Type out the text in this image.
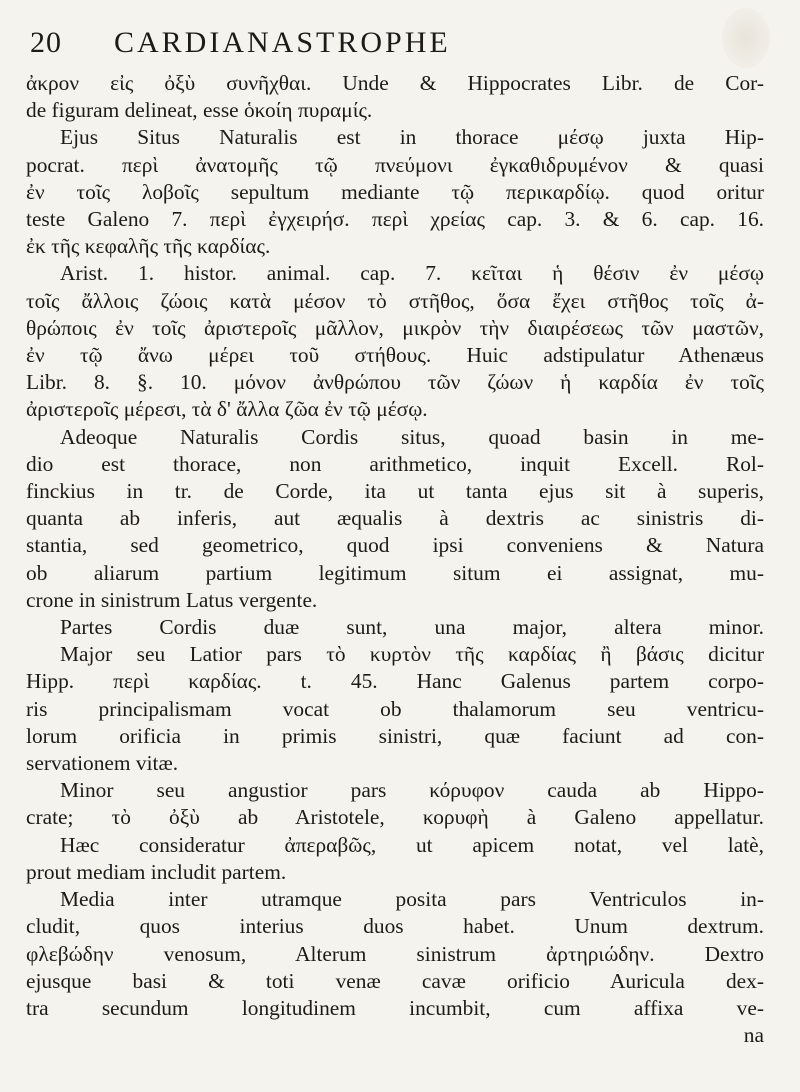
20 CARDIANASTROPHE
ἀκρον εἰς ὀξὺ συνῆχθαι. Unde & Hippocrates Libr. de Cor-
de figuram delineat, esse ὁκοίη πυραμίς.
Ejus Situs Naturalis est in thorace μέσῳ juxta Hip-
pocrat. περὶ ἀνατομῆς τῷ πνεύμονι ἐγκαθιδρυμένον & quasi
ἐν τοῖς λοβοῖς sepultum mediante τῷ περικαρδίῳ. quod oritur
teste Galeno 7. περὶ ἐγχειρήσ. περὶ χρείας cap. 3. & 6. cap. 16.
ἐκ τῆς κεφαλῆς τῆς καρδίας.
Arist. 1. histor. animal. cap. 7. κεῖται ἡ θέσιν ἐν μέσῳ
τοῖς ἄλλοις ζώοις κατὰ μέσον τὸ στῆθος, ὅσα ἔχει στῆθος τοῖς ἀ-
θρώποις ἐν τοῖς ἀριστεροῖς μᾶλλον, μικρὸν τὴν διαιρέσεως τῶν μαστῶν,
ἐν τῷ ἄνω μέρει τοῦ στήθους. Huic adstipulatur Athenæus
Libr. 8. §. 10. μόνον ἀνθρώπου τῶν ζώων ἡ καρδία ἐν τοῖς
ἀριστεροῖς μέρεσι, τὰ δ' ἄλλα ζῶα ἐν τῷ μέσῳ.
Adeoque Naturalis Cordis situs, quoad basin in me-
dio est thorace, non arithmetico, inquit Excell. Rol-
finckius in tr. de Corde, ita ut tanta ejus sit à superis,
quanta ab inferis, aut æqualis à dextris ac sinistris di-
stantia, sed geometrico, quod ipsi conveniens & Natura
ob aliarum partium legitimum situm ei assignat, mu-
crone in sinistrum Latus vergente.
Partes Cordis duæ sunt, una major, altera minor.
Major seu Latior pars τὸ κυρτὸν τῆς καρδίας ἢ βάσις dicitur
Hipp. περὶ καρδίας. t. 45. Hanc Galenus partem corpo-
ris principalismam vocat ob thalamorum seu ventricu-
lorum orificia in primis sinistri, quæ faciunt ad con-
servationem vitæ.
Minor seu angustior pars κόρυφον cauda ab Hippo-
crate; τὸ ὀξὺ ab Aristotele, κορυφὴ à Galeno appellatur.
Hæc consideratur ἀπεραβῶς, ut apicem notat, vel latè,
prout mediam includit partem.
Media inter utramque posita pars Ventriculos in-
cludit, quos interius duos habet. Unum dextrum.
φλεβώδην venosum, Alterum sinistrum ἀρτηριώδην. Dextro
ejusque basi & toti venæ cavæ orificio Auricula dex-
tra secundum longitudinem incumbit, cum affixa ve-
na
